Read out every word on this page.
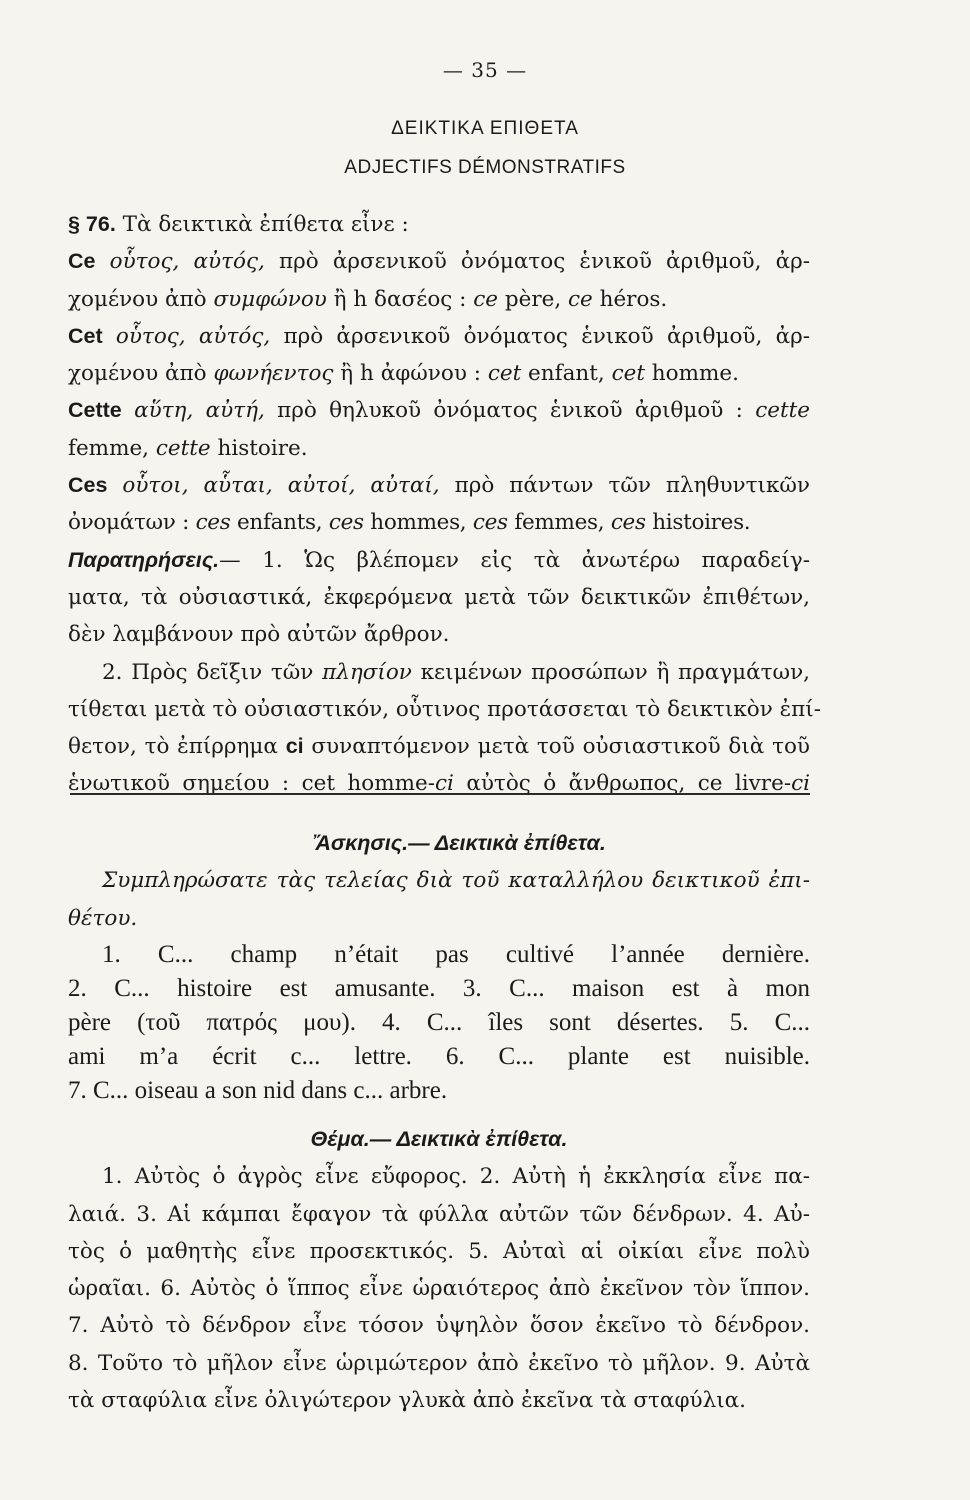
— 35 —
ΔΕΙΚΤΙΚΑ ΕΠΙΘΕΤΑ
ADJECTIFS DÉMONSTRATIFS

§ 76. Τὰ δεικτικὰ ἐπίθετα εἶνε :

Ce οὗτος, αὐτός, πρὸ ἀρσενικοῦ ὀνόματος ἑνικοῦ ἀριθμοῦ, ἀρ-

χομένου ἀπὸ συμφώνου ἢ h δασέος : ce père, ce héros.

Cet οὗτος, αὐτός, πρὸ ἀρσενικοῦ ὀνόματος ἑνικοῦ ἀριθμοῦ, ἀρ-

χομένου ἀπὸ φωνήεντος ἢ h ἀφώνου : cet enfant, cet homme.

Cette αὕτη, αὐτή, πρὸ θηλυκοῦ ὀνόματος ἑνικοῦ ἀριθμοῦ : cette

femme, cette histoire.

Ces οὗτοι, αὗται, αὐτοί, αὐταί, πρὸ πάντων τῶν πληθυντικῶν

ὀνομάτων : ces enfants, ces hommes, ces femmes, ces histoires.

Παρατηρήσεις.— 1. Ὡς βλέπομεν εἰς τὰ ἀνωτέρω παραδείγ-

ματα, τὰ οὐσιαστικά, ἐκφερόμενα μετὰ τῶν δεικτικῶν ἐπιθέτων,

δὲν λαμβάνουν πρὸ αὐτῶν ἄρθρον.

2. Πρὸς δεῖξιν τῶν πλησίον κειμένων προσώπων ἢ πραγμάτων,

τίθεται μετὰ τὸ οὐσιαστικόν, οὗτινος προτάσσεται τὸ δεικτικὸν ἐπί-

θετον, τὸ ἐπίρρημα ci συναπτόμενον μετὰ τοῦ οὐσιαστικοῦ διὰ τοῦ

ἑνωτικοῦ σημείου : cet homme-ci αὐτὸς ὁ ἄνθρωπος, ce livre-ci

Ἄσκησις.— Δεικτικὰ ἐπίθετα.

Συμπληρώσατε τὰς τελείας διὰ τοῦ καταλλήλου δεικτικοῦ ἐπι-

θέτου.

1. C... champ n’était pas cultivé l’année dernière.

2. C... histoire est amusante. 3. C... maison est à mon

père (τοῦ πατρός μου). 4. C... îles sont désertes. 5. C...

ami m’a écrit c... lettre. 6. C... plante est nuisible.

7. C... oiseau a son nid dans c... arbre.

Θέμα.— Δεικτικὰ ἐπίθετα.

1. Αὐτὸς ὁ ἀγρὸς εἶνε εὔφορος. 2. Αὐτὴ ἡ ἐκκλησία εἶνε πα-

λαιά. 3. Αἱ κάμπαι ἔφαγον τὰ φύλλα αὐτῶν τῶν δένδρων. 4. Αὐ-

τὸς ὁ μαθητὴς εἶνε προσεκτικός. 5. Αὐταὶ αἱ οἰκίαι εἶνε πολὺ

ὡραῖαι. 6. Αὐτὸς ὁ ἵππος εἶνε ὡραιότερος ἀπὸ ἐκεῖνον τὸν ἵππον.

7. Αὐτὸ τὸ δένδρον εἶνε τόσον ὑψηλὸν ὅσον ἐκεῖνο τὸ δένδρον.

8. Τοῦτο τὸ μῆλον εἶνε ὡριμώτερον ἀπὸ ἐκεῖνο τὸ μῆλον. 9. Αὐτὰ

τὰ σταφύλια εἶνε ὀλιγώτερον γλυκὰ ἀπὸ ἐκεῖνα τὰ σταφύλια.
